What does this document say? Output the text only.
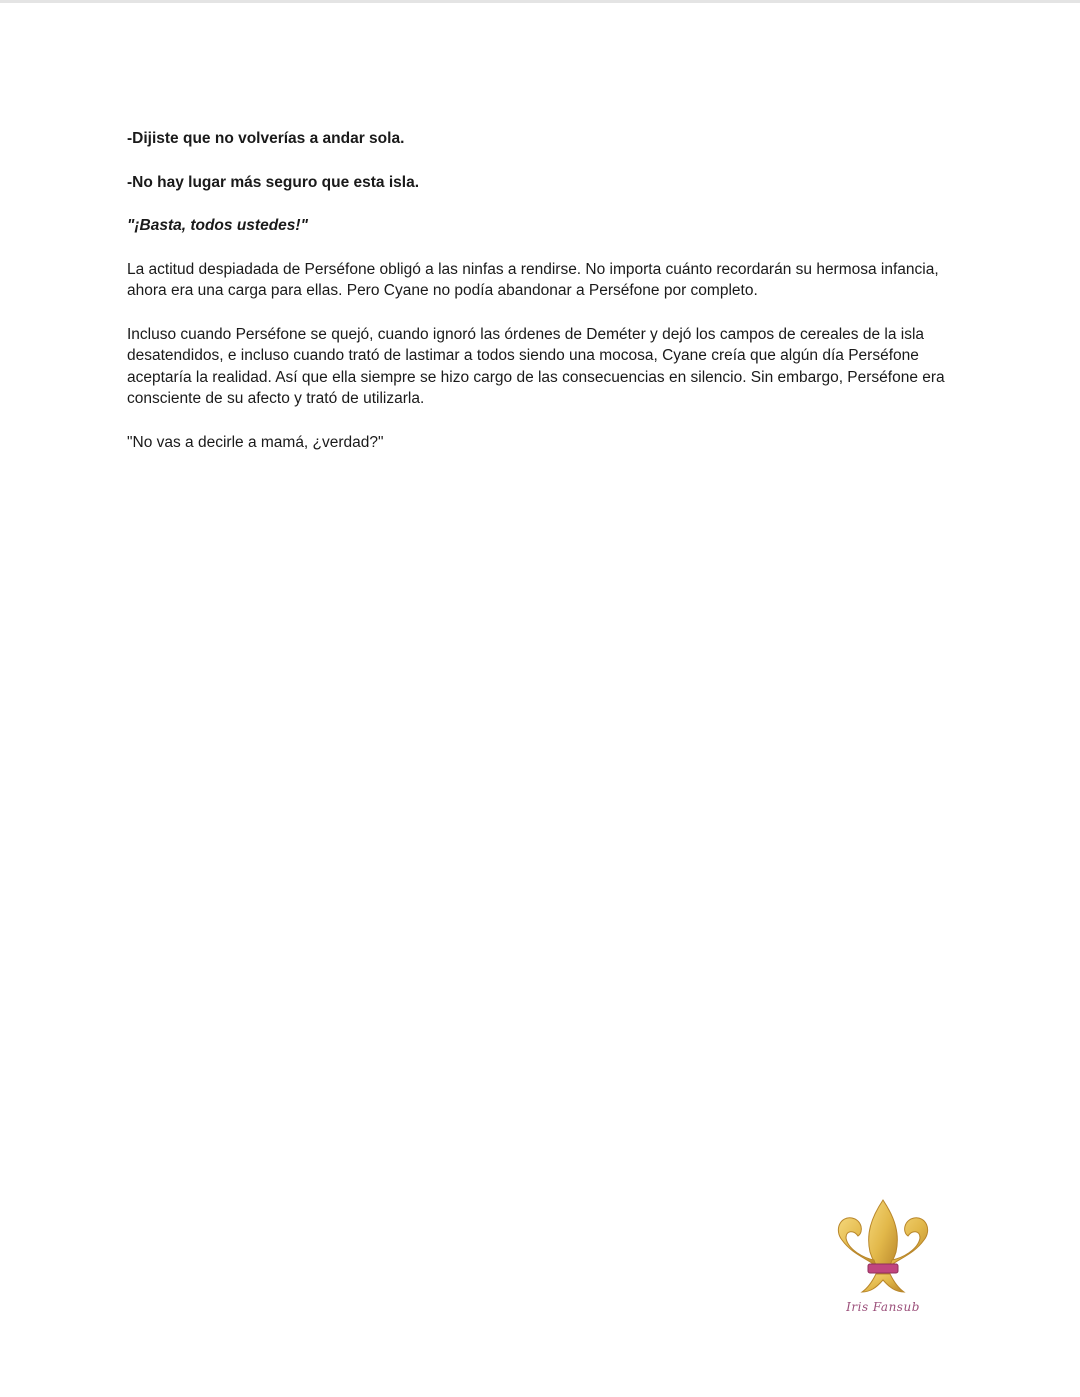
-Dijiste que no volverías a andar sola.

-No hay lugar más seguro que esta isla.

"¡Basta, todos ustedes!"

La actitud despiadada de Perséfone obligó a las ninfas a rendirse. No importa cuánto recordarán su hermosa infancia, ahora era una carga para ellas. Pero Cyane no podía abandonar a Perséfone por completo.

Incluso cuando Perséfone se quejó, cuando ignoró las órdenes de Deméter y dejó los campos de cereales de la isla desatendidos, e incluso cuando trató de lastimar a todos siendo una mocosa, Cyane creía que algún día Perséfone aceptaría la realidad. Así que ella siempre se hizo cargo de las consecuencias en silencio. Sin embargo, Perséfone era consciente de su afecto y trató de utilizarla.

"No vas a decirle a mamá, ¿verdad?"

Iris Fansub
